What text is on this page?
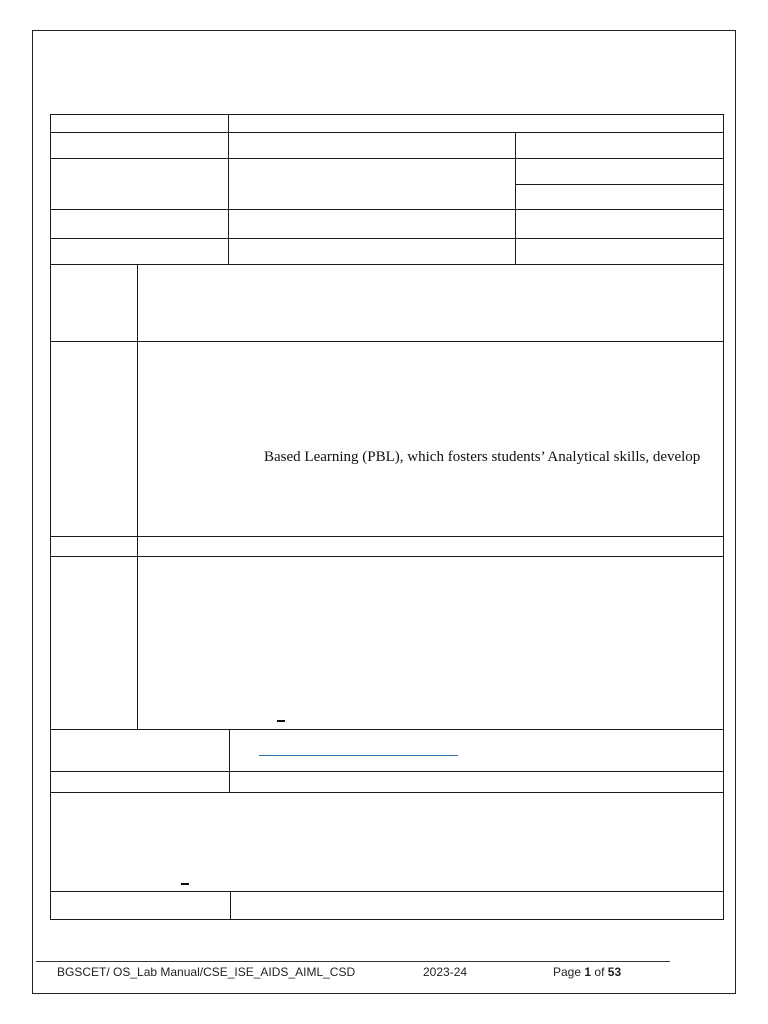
Based Learning (PBL), which fosters students’ Analytical skills, develop
BGSCET/ OS_Lab Manual/CSE_ISE_AIDS_AIML_CSD	2023-24	Page 1 of 53
